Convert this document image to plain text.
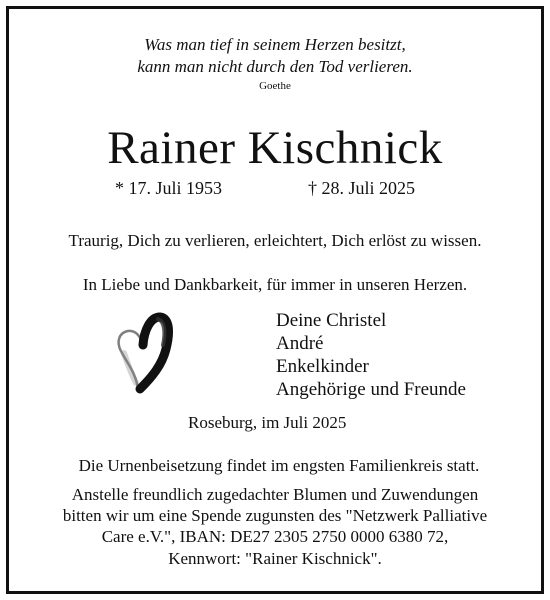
Was man tief in seinem Herzen besitzt,
kann man nicht durch den Tod verlieren.
Goethe
Rainer Kischnick
* 17. Juli 1953	† 28. Juli 2025
Traurig, Dich zu verlieren, erleichtert, Dich erlöst zu wissen.
In Liebe und Dankbarkeit, für immer in unseren Herzen.
Deine Christel
André
Enkelkinder
Angehörige und Freunde
Roseburg, im Juli 2025
Die Urnenbeisetzung findet im engsten Familienkreis statt.
Anstelle freundlich zugedachter Blumen und Zuwendungen
bitten wir um eine Spende zugunsten des "Netzwerk Palliative
Care e.V.", IBAN: DE27 2305 2750 0000 6380 72,
Kennwort: "Rainer Kischnick".
